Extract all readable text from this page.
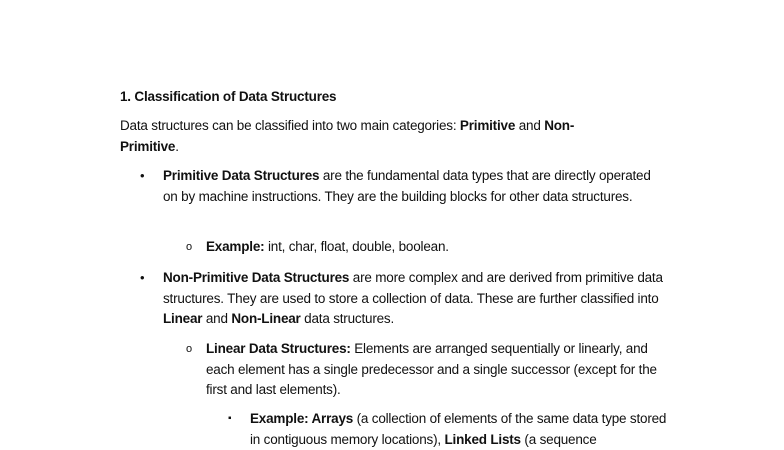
1. Classification of Data Structures

Data structures can be classified into two main categories: Primitive and Non-Primitive.

• Primitive Data Structures are the fundamental data types that are directly operated on by machine instructions. They are the building blocks for other data structures.

o Example: int, char, float, double, boolean.

• Non-Primitive Data Structures are more complex and are derived from primitive data structures. They are used to store a collection of data. These are further classified into Linear and Non-Linear data structures.

o Linear Data Structures: Elements are arranged sequentially or linearly, and each element has a single predecessor and a single successor (except for the first and last elements).

▪ Example: Arrays (a collection of elements of the same data type stored in contiguous memory locations), Linked Lists (a sequence
